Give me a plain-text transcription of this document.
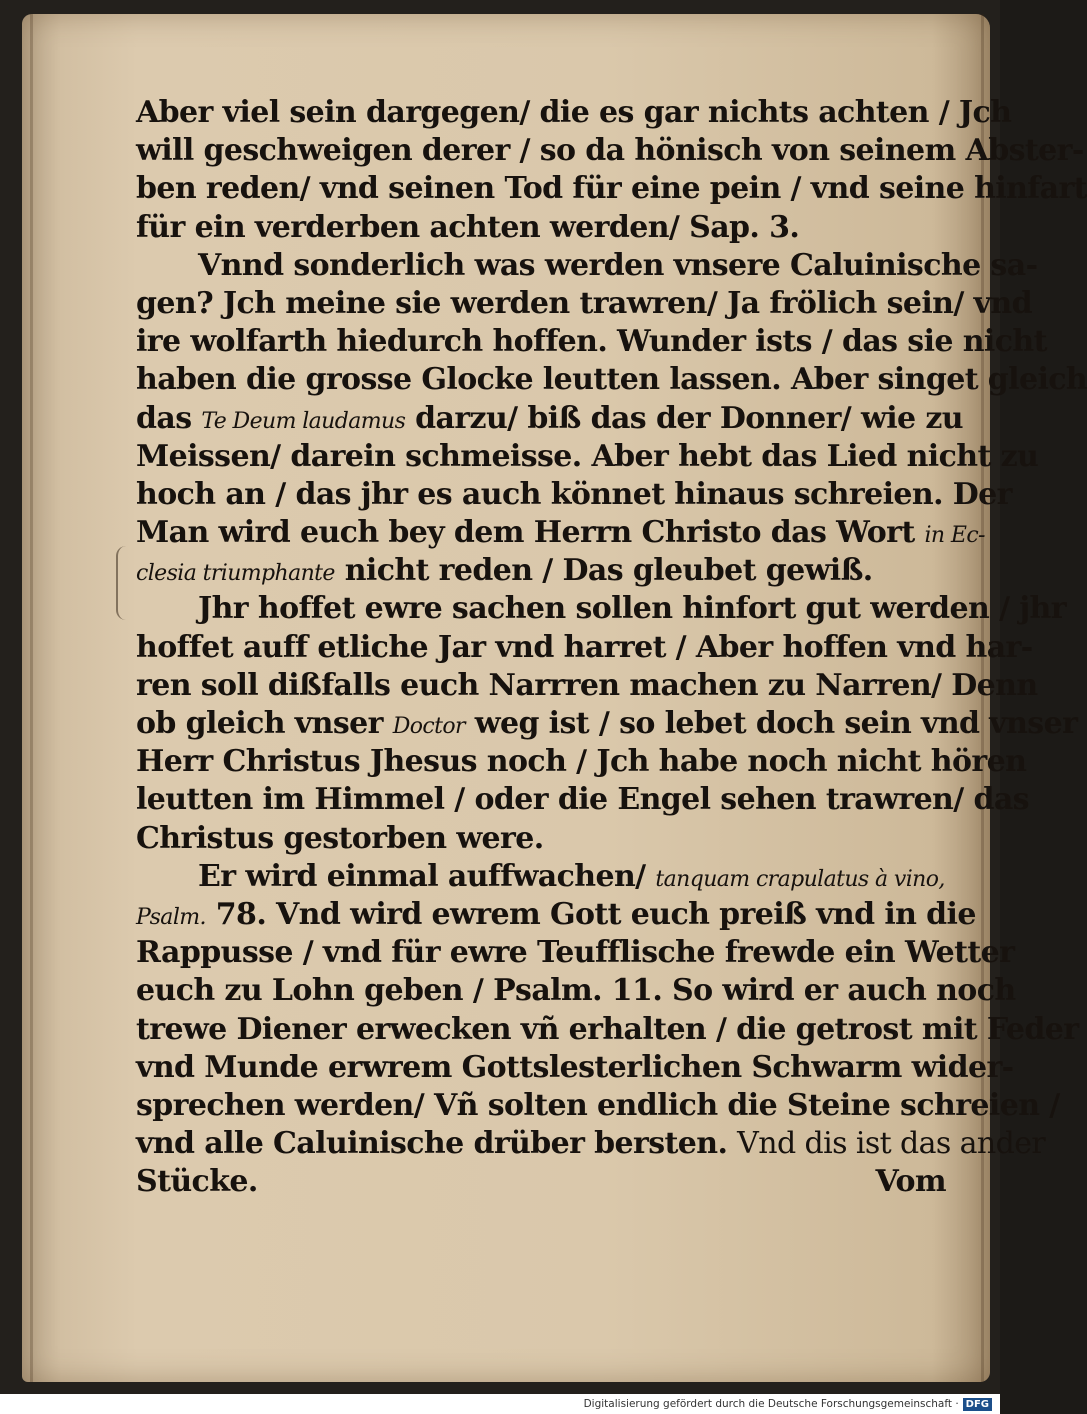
Aber viel sein dargegen/ die es gar nichts achten / Jch
will geschweigen derer / so da hönisch von seinem Abster-
ben reden/ vnd seinen Tod für eine pein / vnd seine hinfart
für ein verderben achten werden/ Sap. 3.
Vnnd sonderlich was werden vnsere Caluinische sa-
gen? Jch meine sie werden trawren/ Ja frölich sein/ vnd
ire wolfarth hiedurch hoffen. Wunder ists / das sie nicht
haben die grosse Glocke leutten lassen. Aber singet gleich
das Te Deum laudamus darzu/ biß das der Donner/ wie zu
Meissen/ darein schmeisse. Aber hebt das Lied nicht zu
hoch an / das jhr es auch könnet hinaus schreien. Der
Man wird euch bey dem Herrn Christo das Wort in Ec-
clesia triumphante nicht reden / Das gleubet gewiß.
Jhr hoffet ewre sachen sollen hinfort gut werden / jhr
hoffet auff etliche Jar vnd harret / Aber hoffen vnd har-
ren soll dißfalls euch Narrren machen zu Narren/ Denn
ob gleich vnser Doctor weg ist / so lebet doch sein vnd vnser
Herr Christus Jhesus noch / Jch habe noch nicht hören
leutten im Himmel / oder die Engel sehen trawren/ das
Christus gestorben were.
Er wird einmal auffwachen/ tanquam crapulatus à vino,
Psalm. 78. Vnd wird ewrem Gott euch preiß vnd in die
Rappusse / vnd für ewre Teufflische frewde ein Wetter
euch zu Lohn geben / Psalm. 11. So wird er auch noch
trewe Diener erwecken vñ erhalten / die getrost mit Feder
vnd Munde erwrem Gottslesterlichen Schwarm wider-
sprechen werden/ Vñ solten endlich die Steine schreien /
vnd alle Caluinische drüber bersten. Vnd dis ist das ander
Stücke.	Vom
Digitalisierung gefördert durch die Deutsche Forschungsgemeinschaft · DFG
